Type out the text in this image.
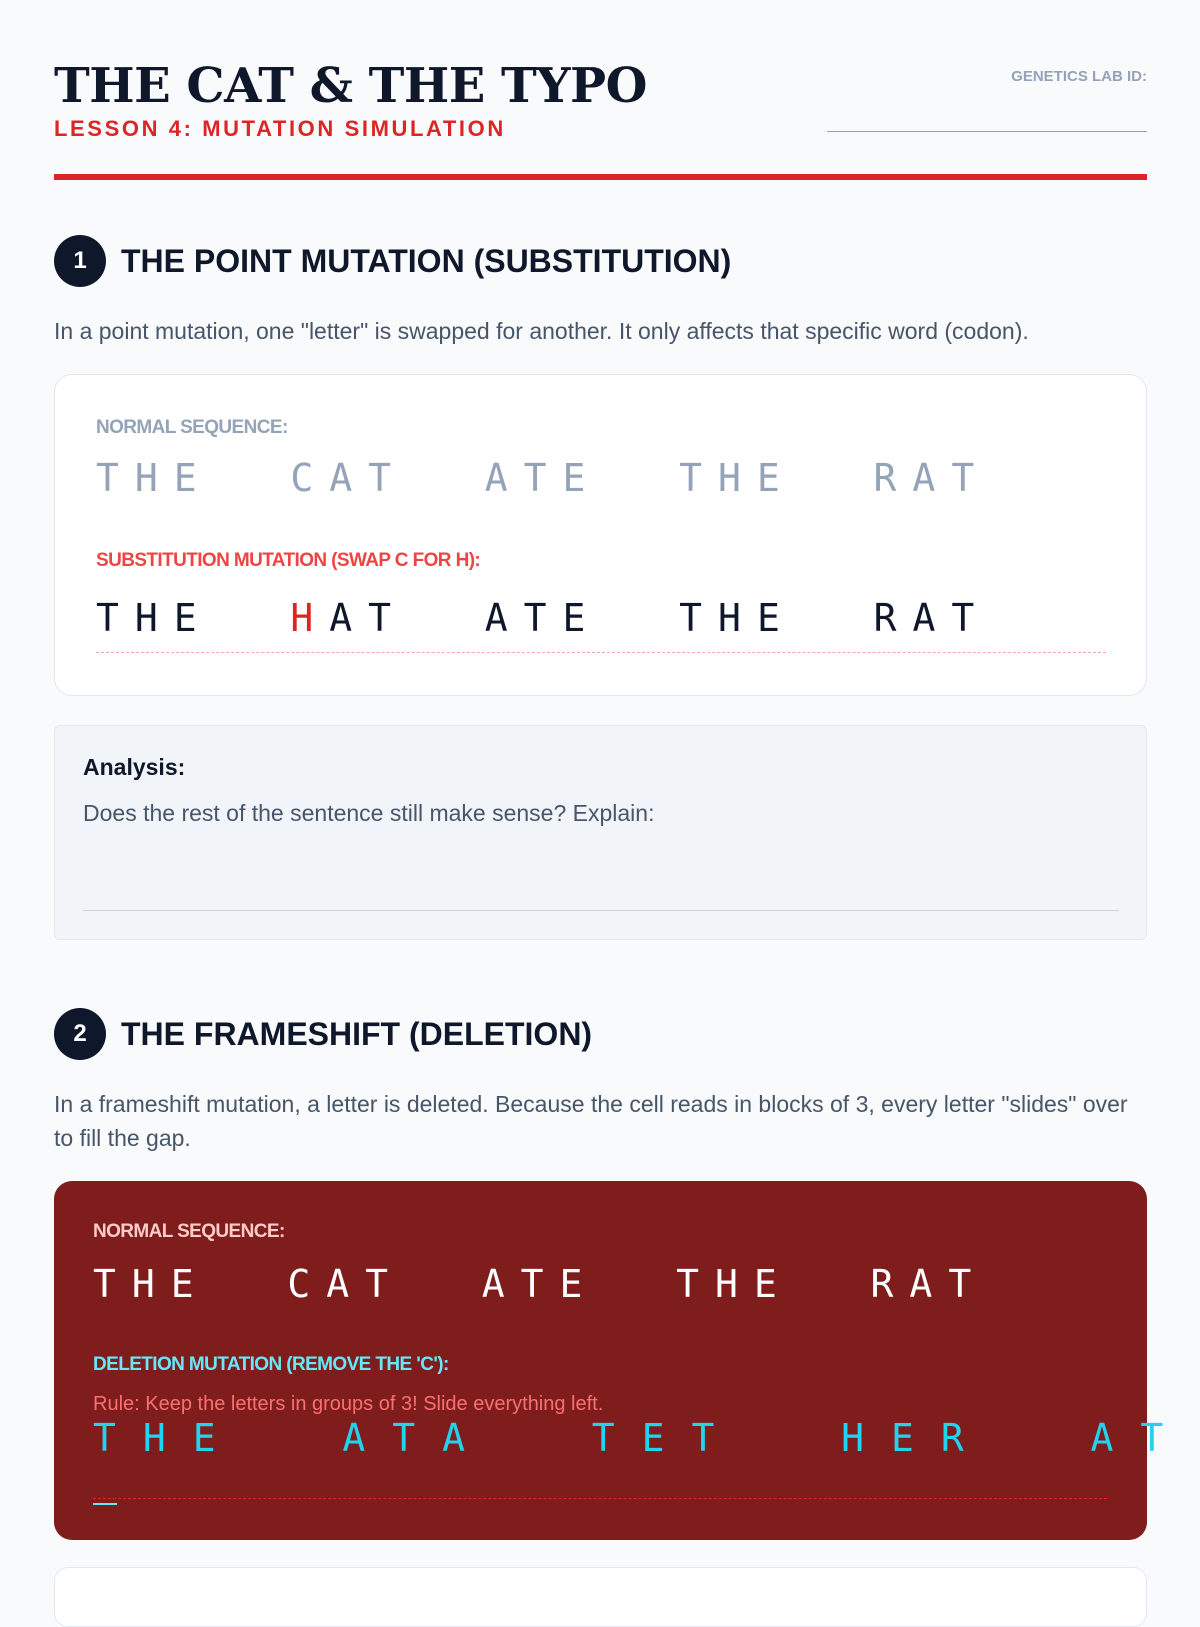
THE CAT & THE TYPO
LESSON 4: MUTATION SIMULATION
GENETICS LAB ID:
1	THE POINT MUTATION (SUBSTITUTION)
In a point mutation, one "letter" is swapped for another. It only affects that specific word (codon).
NORMAL SEQUENCE:
THE  CAT  ATE  THE  RAT
SUBSTITUTION MUTATION (SWAP C FOR H):
THE  HAT  ATE  THE  RAT
Analysis:
Does the rest of the sentence still make sense? Explain:
2	THE FRAMESHIFT (DELETION)
In a frameshift mutation, a letter is deleted. Because the cell reads in blocks of 3, every letter "slides" over to fill the gap.
NORMAL SEQUENCE:
THE  CAT  ATE  THE  RAT
DELETION MUTATION (REMOVE THE 'C'):
Rule: Keep the letters in groups of 3! Slide everything left.
THE  ATA  TET  HER  AT
